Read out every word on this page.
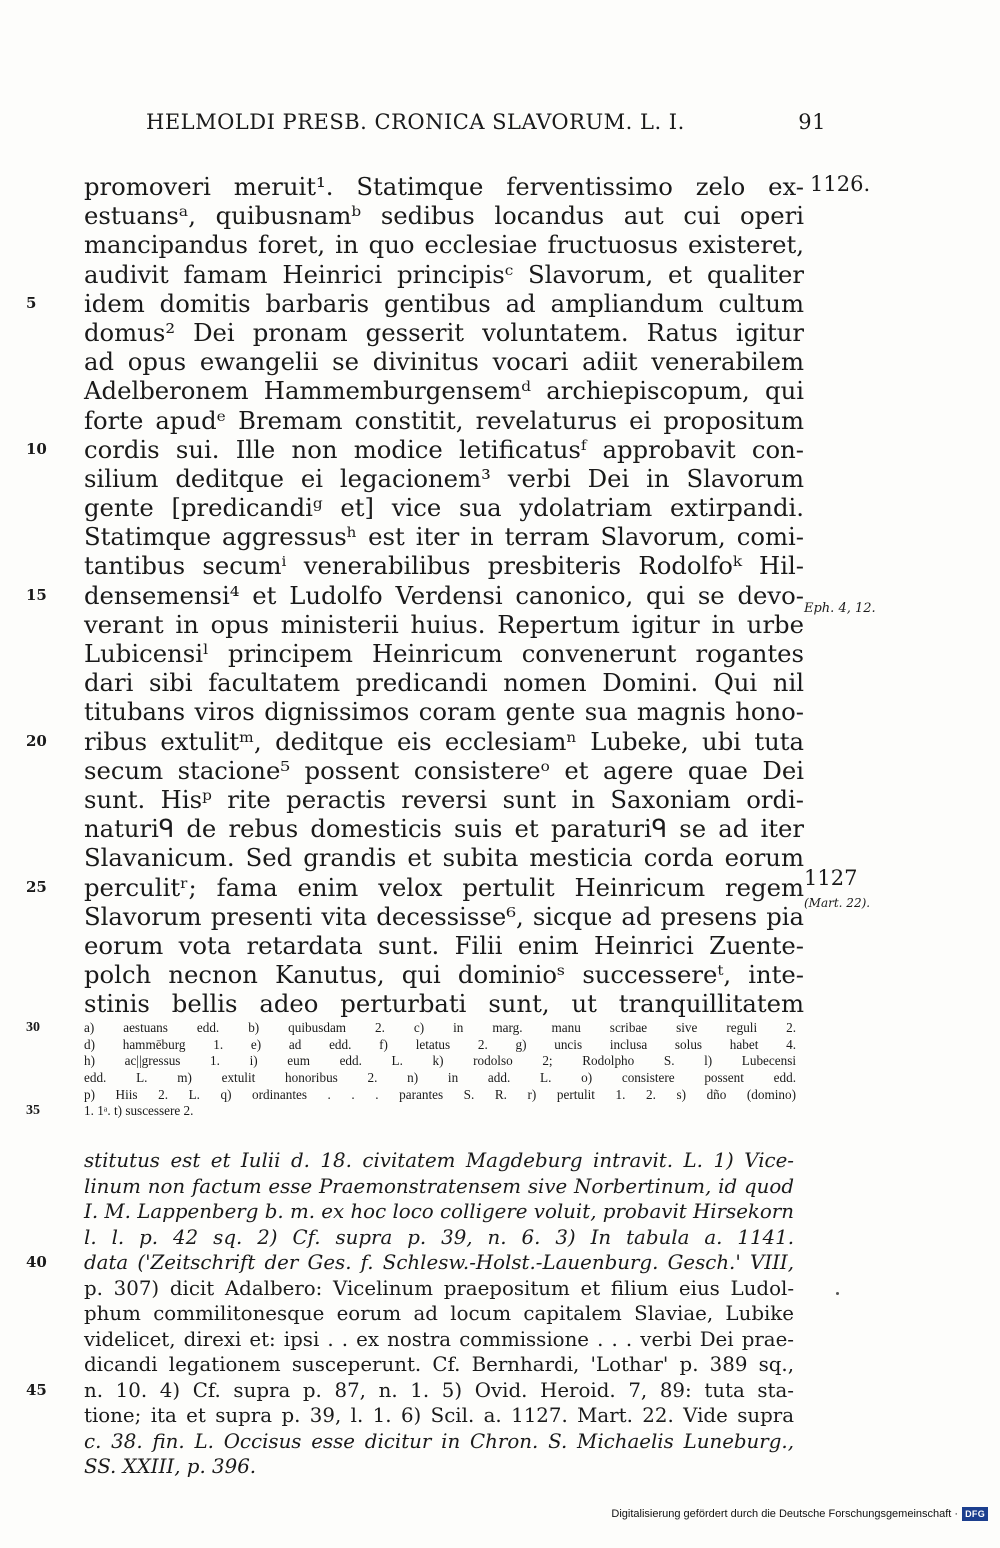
HELMOLDI PRESB. CRONICA SLAVORUM. L. I.	91
promoveri meruit¹. Statimque ferventissimo zelo ex-
estuansᵃ, quibusnamᵇ sedibus locandus aut cui operi
mancipandus foret, in quo ecclesiae fructuosus existeret,
audivit famam Heinrici principisᶜ Slavorum, et qualiter
5	idem domitis barbaris gentibus ad ampliandum cultum
domus² Dei pronam gesserit voluntatem. Ratus igitur
ad opus ewangelii se divinitus vocari adiit venerabilem
Adelberonem Hammemburgensemᵈ archiepiscopum, qui
forte apudᵉ Bremam constitit, revelaturus ei propositum
10	cordis sui. Ille non modice letificatusᶠ approbavit con-
silium deditque ei legacionem³ verbi Dei in Slavorum
gente [predicandiᵍ et] vice sua ydolatriam extirpandi.
Statimque aggressusʰ est iter in terram Slavorum, comi-
tantibus secumⁱ venerabilibus presbiteris Rodolfoᵏ Hil-
15	densemensi⁴ et Ludolfo Verdensi canonico, qui se devo-
verant in opus ministerii huius. Repertum igitur in urbe
Lubicensiˡ principem Heinricum convenerunt rogantes
dari sibi facultatem predicandi nomen Domini. Qui nil
titubans viros dignissimos coram gente sua magnis hono-
20	ribus extulitᵐ, deditque eis ecclesiamⁿ Lubeke, ubi tuta
secum stacione⁵ possent consistereᵒ et agere quae Dei
sunt. Hisᵖ rite peractis reversi sunt in Saxoniam ordi-
naturiᑫ de rebus domesticis suis et paraturiᑫ se ad iter
Slavanicum. Sed grandis et subita mesticia corda eorum
25	perculitʳ; fama enim velox pertulit Heinricum regem
Slavorum presenti vita decessisse⁶, sicque ad presens pia
eorum vota retardata sunt. Filii enim Heinrici Zuente-
polch necnon Kanutus, qui dominioˢ successereᵗ, inte-
stinis bellis adeo perturbati sunt, ut tranquillitatem
1126.
Eph. 4, 12.
1127
(Mart. 22).
30	a) aestuans edd. b) quibusdam 2. c) in marg. manu scribae sive reguli 2.
d) hammēburg 1. e) ad edd. f) letatus 2. g) uncis inclusa solus habet 4.
h) ac||gressus 1. i) eum edd. L. k) rodolso 2; Rodolpho S. l) Lubecensi
edd. L. m) extulit honoribus 2. n) in add. L. o) consistere possent edd.
p) Hiis 2. L. q) ordinantes . . . parantes S. R. r) pertulit 1. 2. s) dño (domino)
35	1. 1ᵃ. t) suscessere 2.
stitutus est et Iulii d. 18. civitatem Magdeburg intravit. L. 1) Vice-
linum non factum esse Praemonstratensem sive Norbertinum, id quod
I. M. Lappenberg b. m. ex hoc loco colligere voluit, probavit Hirsekorn
l. l. p. 42 sq. 2) Cf. supra p. 39, n. 6. 3) In tabula a. 1141.
40	data ('Zeitschrift der Ges. f. Schlesw.-Holst.-Lauenburg. Gesch.' VIII,
p. 307) dicit Adalbero: Vicelinum praepositum et filium eius Ludol-
phum commilitonesque eorum ad locum capitalem Slaviae, Lubike
videlicet, direxi et: ipsi . . ex nostra commissione . . . verbi Dei prae-
dicandi legationem susceperunt. Cf. Bernhardi, 'Lothar' p. 389 sq.,
45	n. 10. 4) Cf. supra p. 87, n. 1. 5) Ovid. Heroid. 7, 89: tuta sta-
tione; ita et supra p. 39, l. 1. 6) Scil. a. 1127. Mart. 22. Vide supra
c. 38. fin. L. Occisus esse dicitur in Chron. S. Michaelis Luneburg.,
SS. XXIII, p. 396.
Digitalisierung gefördert durch die Deutsche Forschungsgemeinschaft · DFG
